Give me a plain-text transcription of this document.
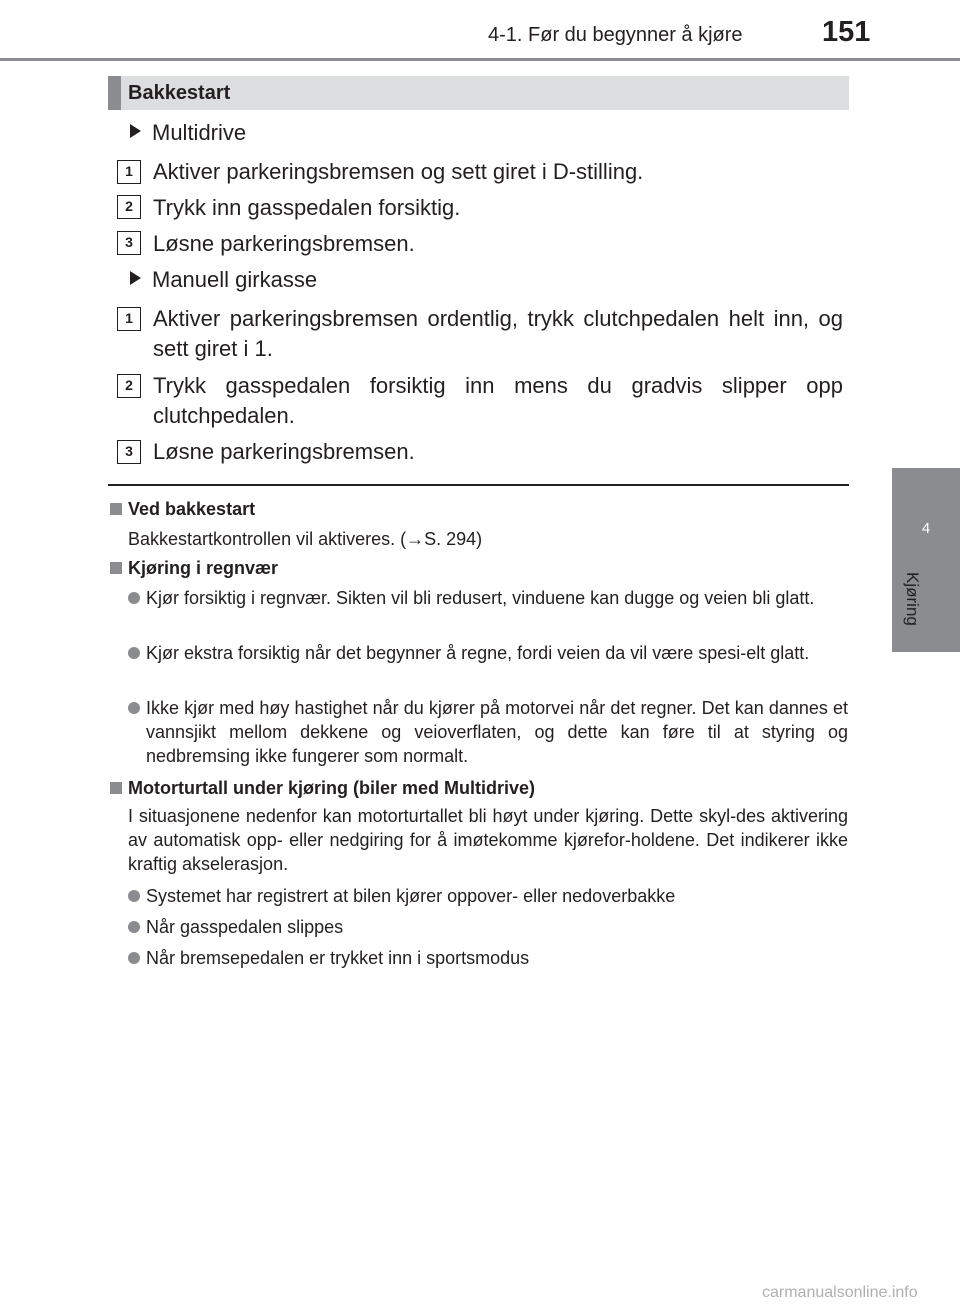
4-1. Før du begynner å kjøre	151
4
Kjøring
Bakkestart
Multidrive
1 Aktiver parkeringsbremsen og sett giret i D-stilling.
2 Trykk inn gasspedalen forsiktig.
3 Løsne parkeringsbremsen.
Manuell girkasse
1 Aktiver parkeringsbremsen ordentlig, trykk clutchpedalen helt inn, og sett giret i 1.
2 Trykk gasspedalen forsiktig inn mens du gradvis slipper opp clutchpedalen.
3 Løsne parkeringsbremsen.
Ved bakkestart
Bakkestartkontrollen vil aktiveres. (→S. 294)
Kjøring i regnvær
Kjør forsiktig i regnvær. Sikten vil bli redusert, vinduene kan dugge og veien bli glatt.
Kjør ekstra forsiktig når det begynner å regne, fordi veien da vil være spesi-elt glatt.
Ikke kjør med høy hastighet når du kjører på motorvei når det regner. Det kan dannes et vannsjikt mellom dekkene og veioverflaten, og dette kan føre til at styring og nedbremsing ikke fungerer som normalt.
Motorturtall under kjøring (biler med Multidrive)
I situasjonene nedenfor kan motorturtallet bli høyt under kjøring. Dette skyl-des aktivering av automatisk opp- eller nedgiring for å imøtekomme kjørefor-holdene. Det indikerer ikke kraftig akselerasjon.
Systemet har registrert at bilen kjører oppover- eller nedoverbakke
Når gasspedalen slippes
Når bremsepedalen er trykket inn i sportsmodus
carmanualsonline.info
